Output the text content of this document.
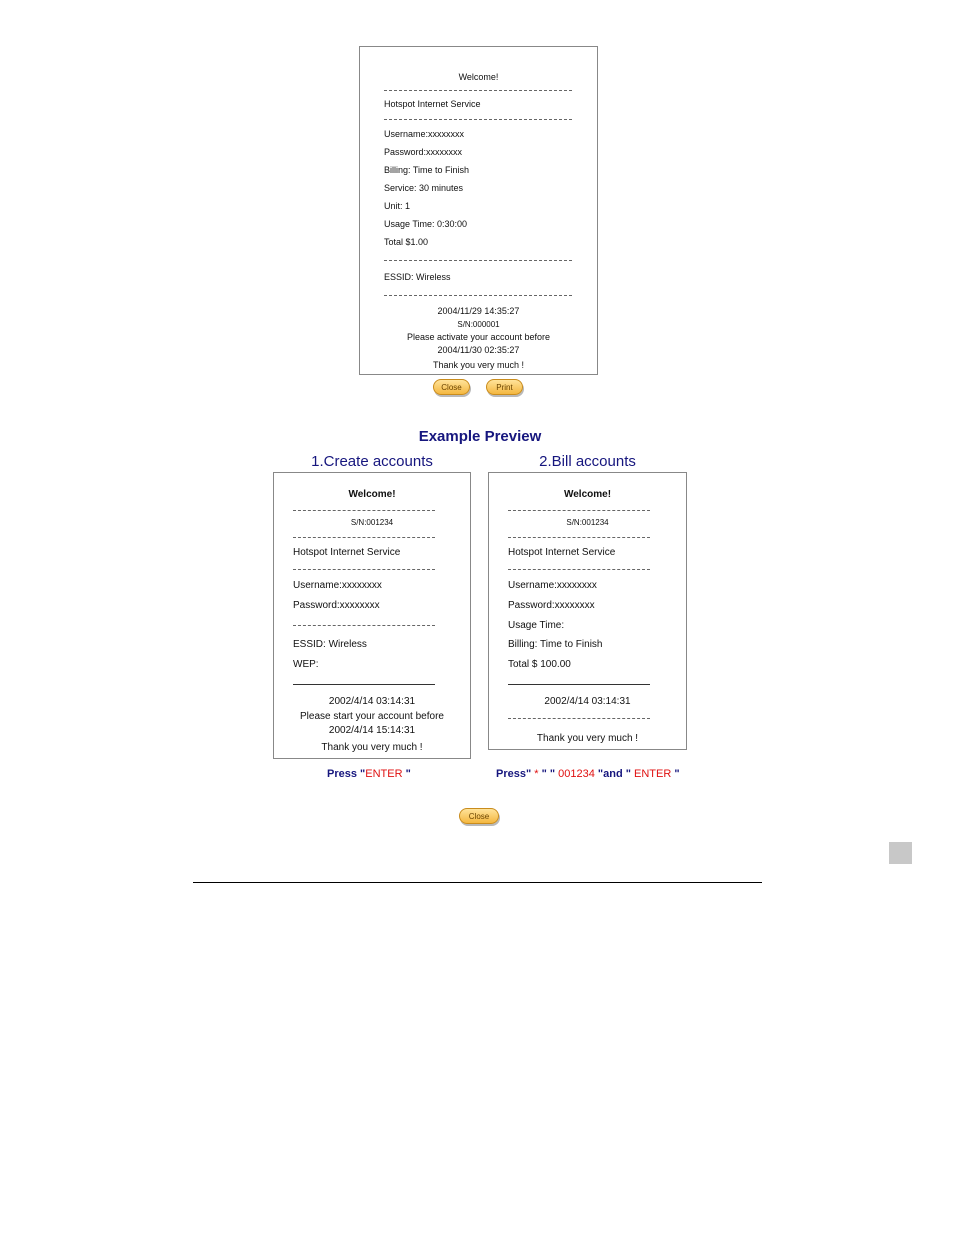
Welcome!
Hotspot Internet Service
Username:xxxxxxxx
Password:xxxxxxxx
Billing: Time to Finish
Service: 30 minutes
Unit: 1
Usage Time: 0:30:00
Total $1.00
ESSID: Wireless
2004/11/29 14:35:27
S/N:000001
Please activate your account before
2004/11/30 02:35:27
Thank you very much !
Close	Print
Example Preview
1.Create accounts	2.Bill accounts
Welcome!
S/N:001234
Hotspot Internet Service
Username:xxxxxxxx
Password:xxxxxxxx
ESSID: Wireless
WEP:
2002/4/14 03:14:31
Please start your account before
2002/4/14 15:14:31
Thank you very much !
Welcome!
S/N:001234
Hotspot Internet Service
Username:xxxxxxxx
Password:xxxxxxxx
Usage Time:
Billing: Time to Finish
Total $ 100.00
2002/4/14 03:14:31
Thank you very much !
Press "ENTER "	Press" * " " 001234 "and " ENTER "
Close
